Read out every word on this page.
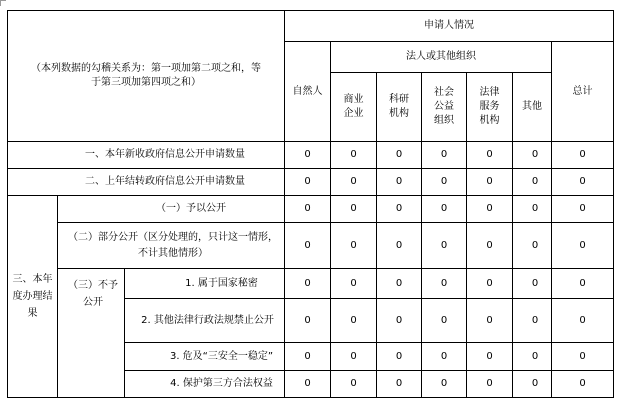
（本列数据的勾稽关系为：第一项加第二项之和，等于第三项加第四项之和）			申请人情况						
			自然人	法人或其他组织					总计
				商业企业	科研机构	社会公益组织	法律服务机构	其他	
一、本年新收政府信息公开申请数量			0	0	0	0	0	0	0
二、上年结转政府信息公开申请数量			0	0	0	0	0	0	0
三、本年度办理结果	（一）予以公开		0	0	0	0	0	0	0
	（二）部分公开（区分处理的，只计这一情形，不计其他情形）		0	0	0	0	0	0	0
	（三）不予公开	1. 属于国家秘密	0	0	0	0	0	0	0
		2. 其他法律行政法规禁止公开	0	0	0	0	0	0	0
		3. 危及“三安全一稳定”	0	0	0	0	0	0	0
		4. 保护第三方合法权益	0	0	0	0	0	0	0
